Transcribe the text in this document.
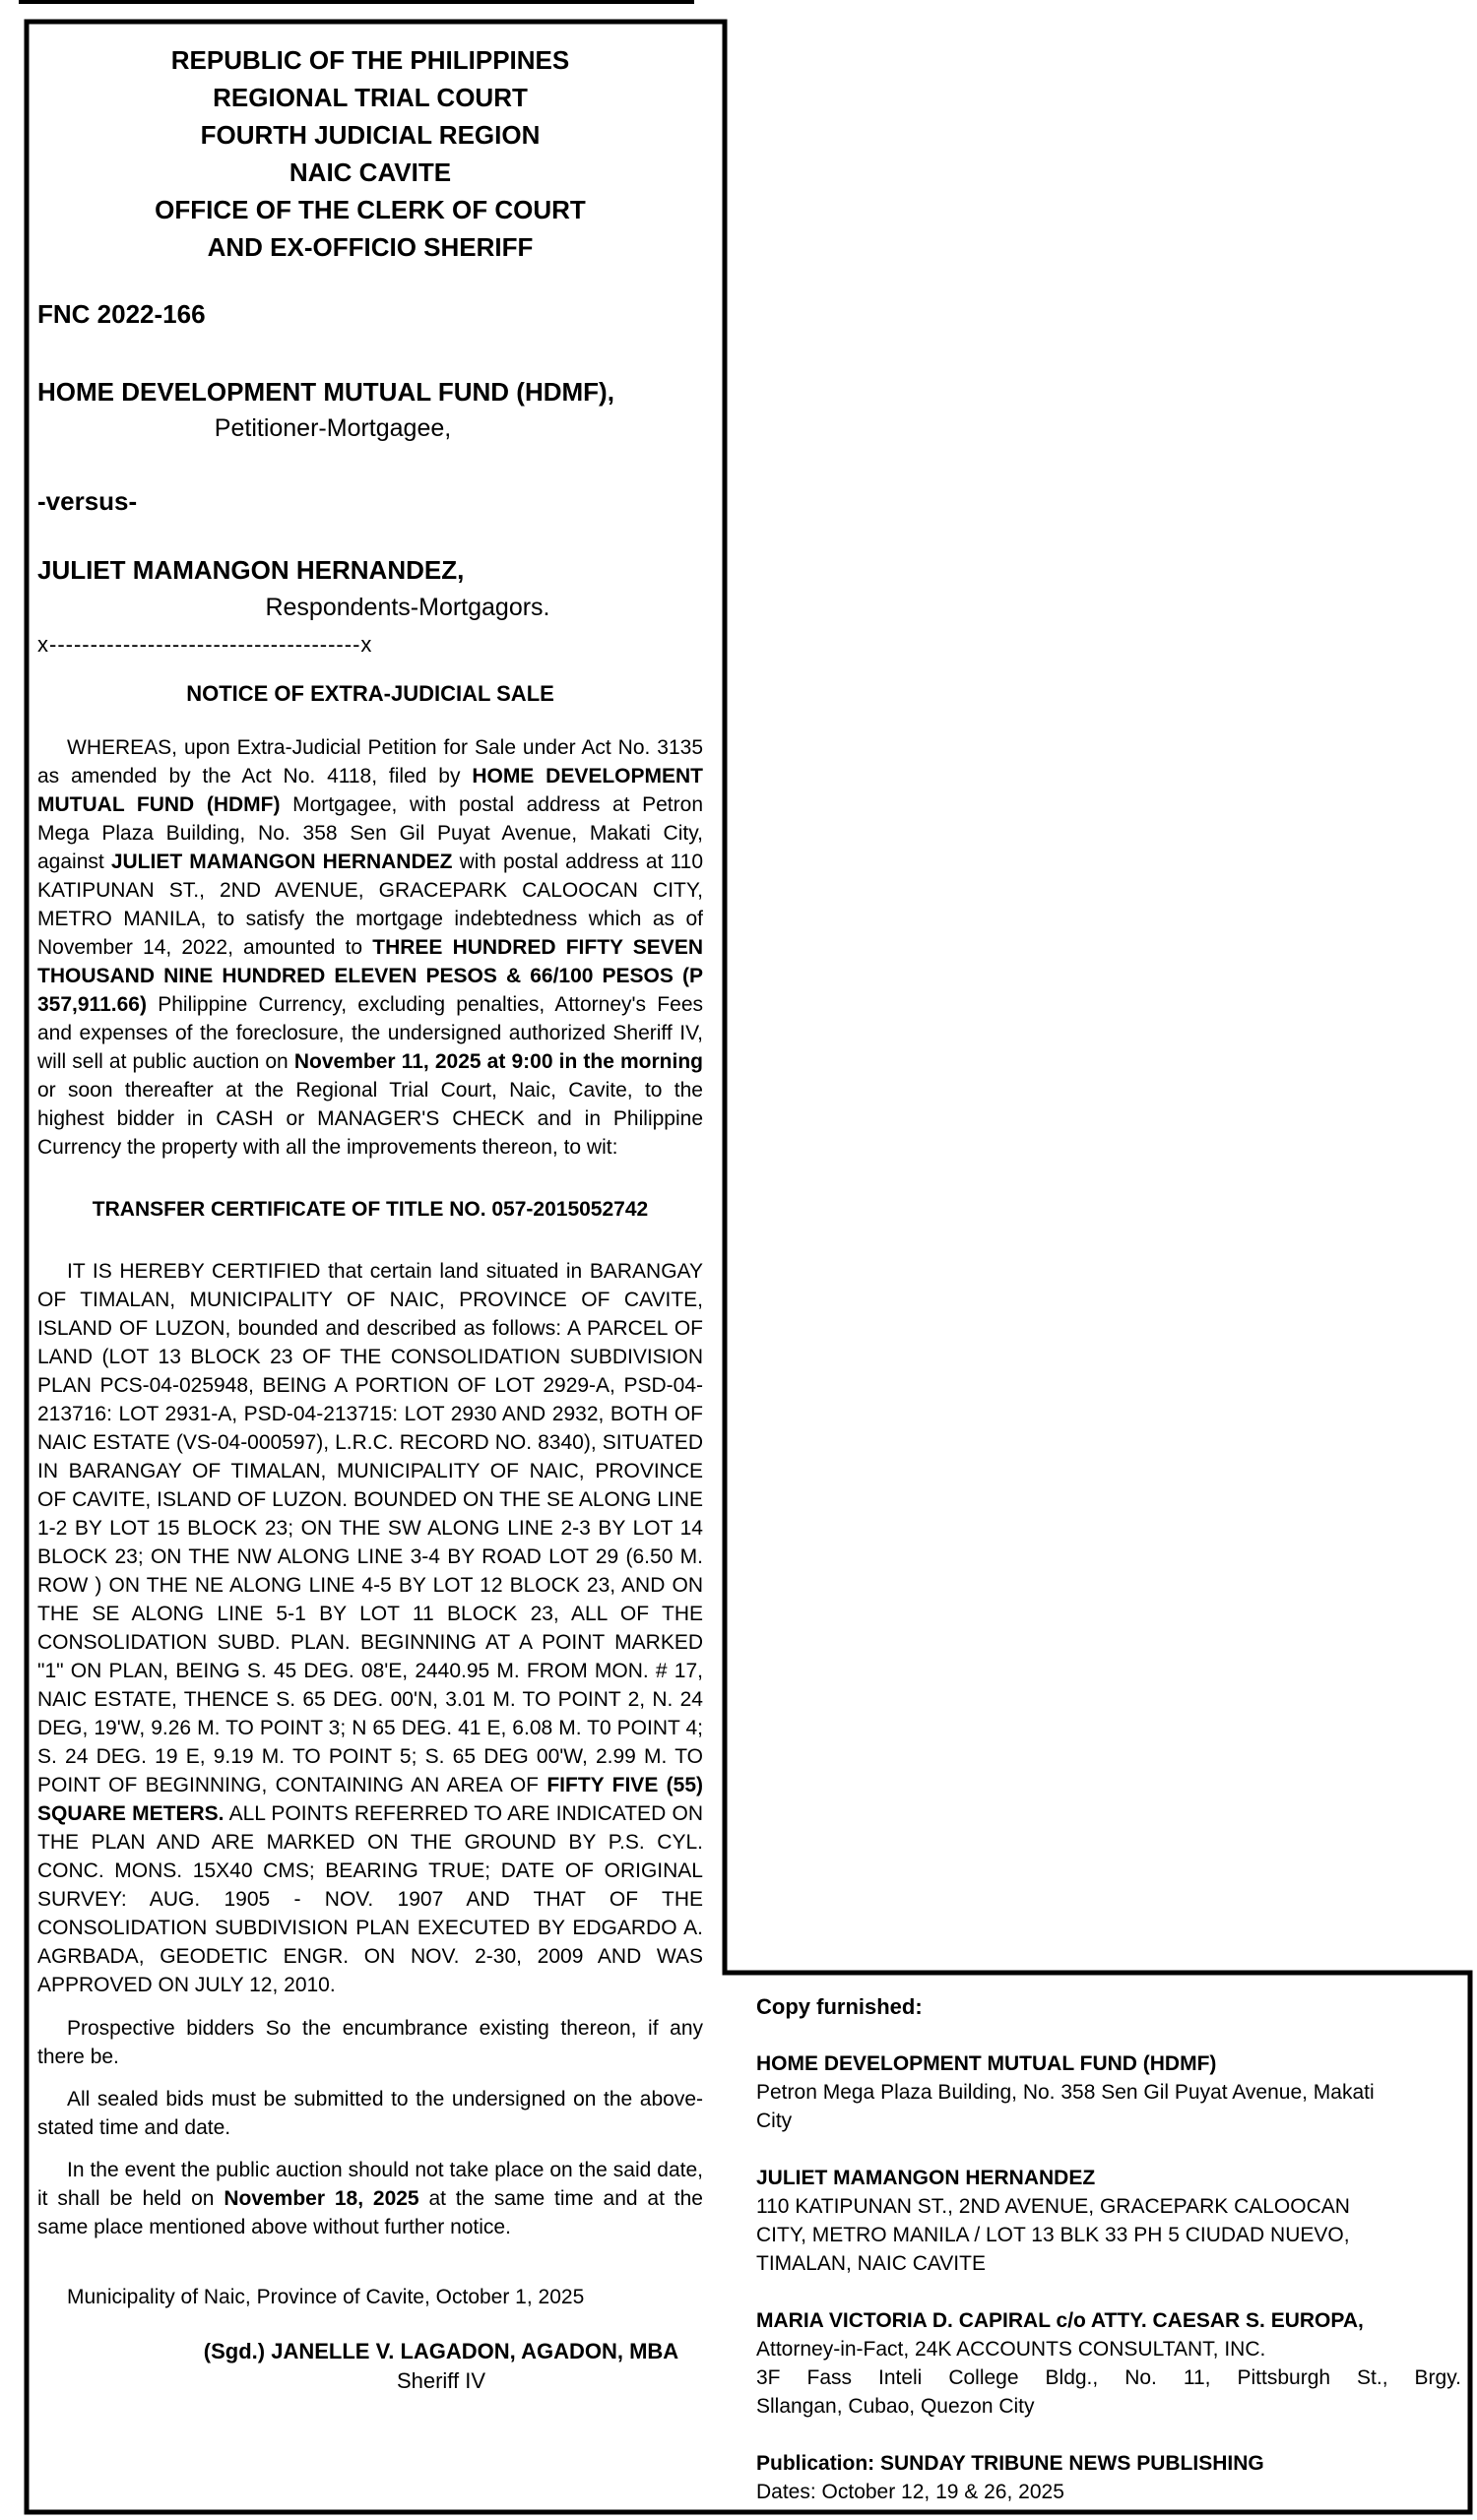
REPUBLIC OF THE PHILIPPINES
REGIONAL TRIAL COURT
FOURTH JUDICIAL REGION
NAIC CAVITE
OFFICE OF THE CLERK OF COURT
AND EX-OFFICIO SHERIFF
FNC 2022-166
HOME DEVELOPMENT MUTUAL FUND (HDMF),
Petitioner-Mortgagee,
-versus-
JULIET MAMANGON HERNANDEZ,
Respondents-Mortgagors.
x--------------------------------------x
NOTICE OF EXTRA-JUDICIAL SALE
WHEREAS, upon Extra-Judicial Petition for Sale under Act No. 3135 as amended by the Act No. 4118, filed by HOME DEVELOPMENT MUTUAL FUND (HDMF) Mortgagee, with postal address at Petron Mega Plaza Building, No. 358 Sen Gil Puyat Avenue, Makati City, against JULIET MAMANGON HERNANDEZ with postal address at 110 KATIPUNAN ST., 2ND AVENUE, GRACEPARK CALOOCAN CITY, METRO MANILA, to satisfy the mortgage indebtedness which as of November 14, 2022, amounted to THREE HUNDRED FIFTY SEVEN THOUSAND NINE HUNDRED ELEVEN PESOS & 66/100 PESOS (P 357,911.66) Philippine Currency, excluding penalties, Attorney's Fees and expenses of the foreclosure, the undersigned authorized Sheriff IV, will sell at public auction on November 11, 2025 at 9:00 in the morning or soon thereafter at the Regional Trial Court, Naic, Cavite, to the highest bidder in CASH or MANAGER'S CHECK and in Philippine Currency the property with all the improvements thereon, to wit:
TRANSFER CERTIFICATE OF TITLE NO. 057-2015052742
IT IS HEREBY CERTIFIED that certain land situated in BARANGAY OF TIMALAN, MUNICIPALITY OF NAIC, PROVINCE OF CAVITE, ISLAND OF LUZON, bounded and described as follows: A PARCEL OF LAND (LOT 13 BLOCK 23 OF THE CONSOLIDATION SUBDIVISION PLAN PCS-04-025948, BEING A PORTION OF LOT 2929-A, PSD-04-213716: LOT 2931-A, PSD-04-213715: LOT 2930 AND 2932, BOTH OF NAIC ESTATE (VS-04-000597), L.R.C. RECORD NO. 8340), SITUATED IN BARANGAY OF TIMALAN, MUNICIPALITY OF NAIC, PROVINCE OF CAVITE, ISLAND OF LUZON. BOUNDED ON THE SE ALONG LINE 1-2 BY LOT 15 BLOCK 23; ON THE SW ALONG LINE 2-3 BY LOT 14 BLOCK 23; ON THE NW ALONG LINE 3-4 BY ROAD LOT 29 (6.50 M. ROW ) ON THE NE ALONG LINE 4-5 BY LOT 12 BLOCK 23, AND ON THE SE ALONG LINE 5-1 BY LOT 11 BLOCK 23, ALL OF THE CONSOLIDATION SUBD. PLAN. BEGINNING AT A POINT MARKED "1" ON PLAN, BEING S. 45 DEG. 08'E, 2440.95 M. FROM MON. # 17, NAIC ESTATE, THENCE S. 65 DEG. 00'N, 3.01 M. TO POINT 2, N. 24 DEG, 19'W, 9.26 M. TO POINT 3; N 65 DEG. 41 E, 6.08 M. T0 POINT 4; S. 24 DEG. 19 E, 9.19 M. TO POINT 5; S. 65 DEG 00'W, 2.99 M. TO POINT OF BEGINNING, CONTAINING AN AREA OF FIFTY FIVE (55) SQUARE METERS. ALL POINTS REFERRED TO ARE INDICATED ON THE PLAN AND ARE MARKED ON THE GROUND BY P.S. CYL. CONC. MONS. 15X40 CMS; BEARING TRUE; DATE OF ORIGINAL SURVEY: AUG. 1905 - NOV. 1907 AND THAT OF THE CONSOLIDATION SUBDIVISION PLAN EXECUTED BY EDGARDO A. AGRBADA, GEODETIC ENGR. ON NOV. 2-30, 2009 AND WAS APPROVED ON JULY 12, 2010.
Prospective bidders So the encumbrance existing thereon, if any there be.
All sealed bids must be submitted to the undersigned on the above-stated time and date.
In the event the public auction should not take place on the said date, it shall be held on November 18, 2025 at the same time and at the same place mentioned above without further notice.
Municipality of Naic, Province of Cavite, October 1, 2025
(Sgd.) JANELLE V. LAGADON, AGADON, MBA
Sheriff IV
Copy furnished:
HOME DEVELOPMENT MUTUAL FUND (HDMF)
Petron Mega Plaza Building, No. 358 Sen Gil Puyat Avenue, Makati
City
JULIET MAMANGON HERNANDEZ
110 KATIPUNAN ST., 2ND AVENUE, GRACEPARK CALOOCAN
CITY, METRO MANILA / LOT 13 BLK 33 PH 5 CIUDAD NUEVO,
TIMALAN, NAIC CAVITE
MARIA VICTORIA D. CAPIRAL c/o ATTY. CAESAR S. EUROPA,
Attorney-in-Fact, 24K ACCOUNTS CONSULTANT, INC.
3F Fass Inteli College Bldg., No. 11, Pittsburgh St., Brgy.
Sllangan, Cubao, Quezon City
Publication: SUNDAY TRIBUNE NEWS PUBLISHING
Dates: October 12, 19 & 26, 2025
